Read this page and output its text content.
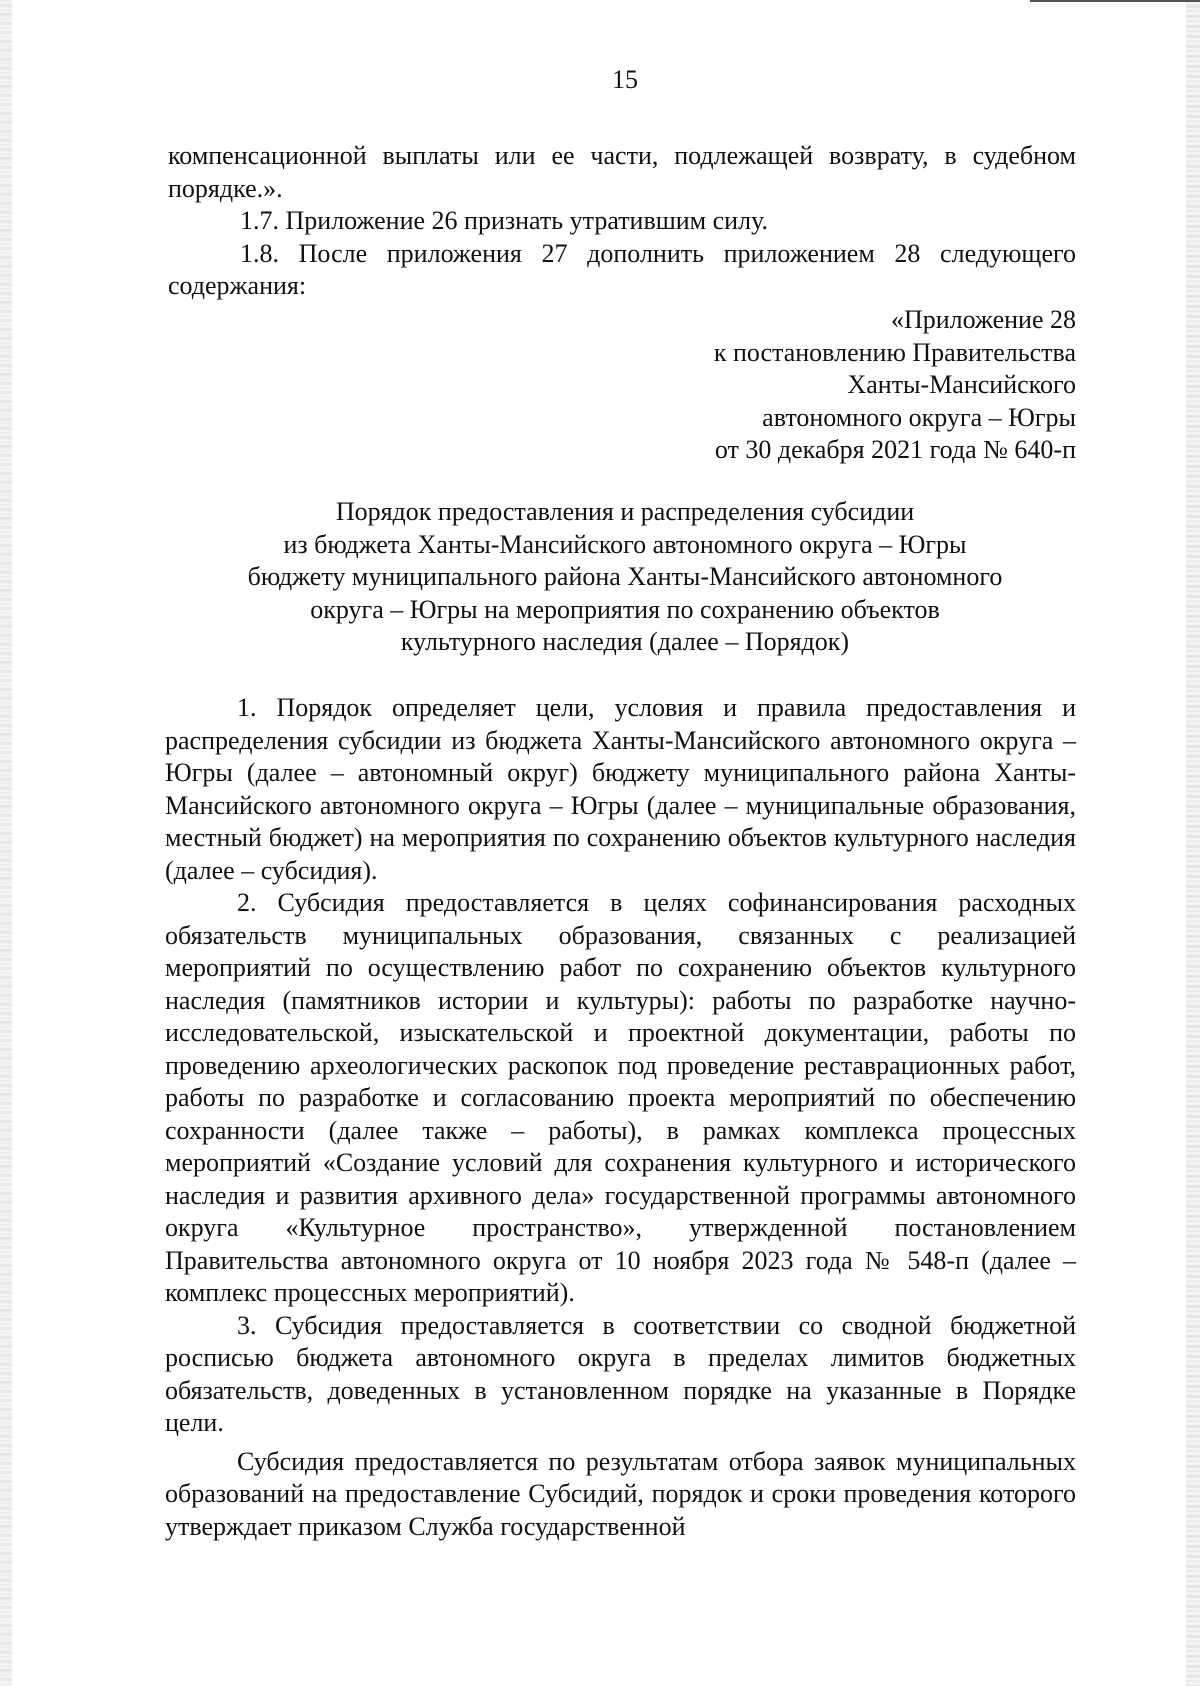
15

компенсационной выплаты или ее части, подлежащей возврату, в судебном порядке.».

1.7. Приложение 26 признать утратившим силу.

1.8. После приложения 27 дополнить приложением 28 следующего содержания:

«Приложение 28

к постановлению Правительства

Ханты-Мансийского

автономного округа – Югры

от 30 декабря 2021 года № 640-п

Порядок предоставления и распределения субсидии

из бюджета Ханты-Мансийского автономного округа – Югры

бюджету муниципального района Ханты-Мансийского автономного

округа – Югры на мероприятия по сохранению объектов

культурного наследия (далее – Порядок)

1. Порядок определяет цели, условия и правила предоставления и распределения субсидии из бюджета Ханты-Мансийского автономного округа – Югры (далее – автономный округ) бюджету муниципального района Ханты-Мансийского автономного округа – Югры (далее – муниципальные образования, местный бюджет) на мероприятия по сохранению объектов культурного наследия (далее – субсидия).

2. Субсидия предоставляется в целях софинансирования расходных обязательств муниципальных образования, связанных с реализацией мероприятий по осуществлению работ по сохранению объектов культурного наследия (памятников истории и культуры): работы по разработке научно-исследовательской, изыскательской и проектной документации, работы по проведению археологических раскопок под проведение реставрационных работ, работы по разработке и согласованию проекта мероприятий по обеспечению сохранности (далее также – работы), в рамках комплекса процессных мероприятий «Создание условий для сохранения культурного и исторического наследия и развития архивного дела» государственной программы автономного округа «Культурное пространство», утвержденной постановлением Правительства автономного округа от 10 ноября 2023 года № 548-п (далее – комплекс процессных мероприятий).

3. Субсидия предоставляется в соответствии со сводной бюджетной росписью бюджета автономного округа в пределах лимитов бюджетных обязательств, доведенных в установленном порядке на указанные в Порядке цели.

Субсидия предоставляется по результатам отбора заявок муниципальных образований на предоставление Субсидий, порядок и сроки проведения которого утверждает приказом Служба государственной
